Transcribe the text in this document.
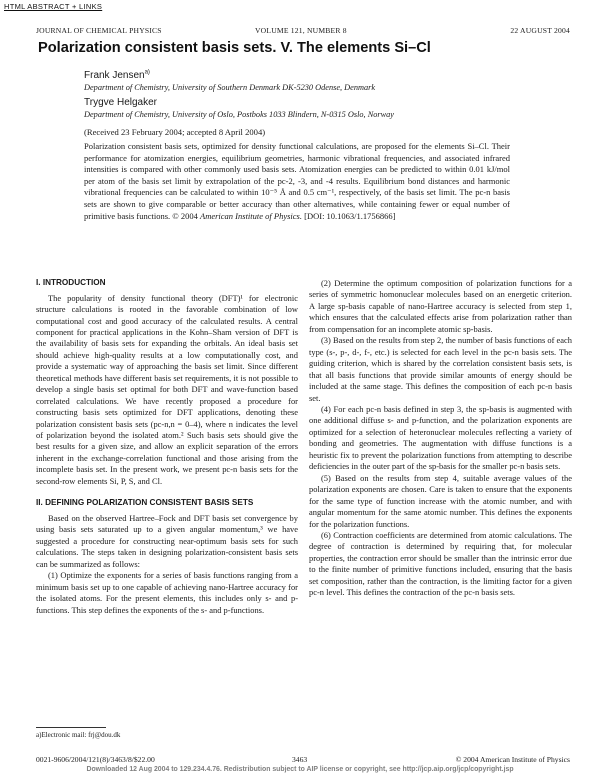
HTML ABSTRACT + LINKS
JOURNAL OF CHEMICAL PHYSICS	VOLUME 121, NUMBER 8	22 AUGUST 2004
Polarization consistent basis sets. V. The elements Si–Cl
Frank Jensen$^{a)}$
Department of Chemistry, University of Southern Denmark DK-5230 Odense, Denmark
Trygve Helgaker
Department of Chemistry, University of Oslo, Postboks 1033 Blindern, N-0315 Oslo, Norway
(Received 23 February 2004; accepted 8 April 2004)
Polarization consistent basis sets, optimized for density functional calculations, are proposed for the elements Si–Cl. Their performance for atomization energies, equilibrium geometries, harmonic vibrational frequencies, and associated infrared intensities is compared with other commonly used basis sets. Atomization energies can be predicted to within 0.01 kJ/mol per atom of the basis set limit by extrapolation of the pc-2, -3, and -4 results. Equilibrium bond distances and harmonic vibrational frequencies can be calculated to within 10⁻⁵ Å and 0.5 cm⁻¹, respectively, of the basis set limit. The pc-n basis sets are shown to give comparable or better accuracy than other alternatives, while containing fewer or equal number of primitive basis functions. © 2004 American Institute of Physics. [DOI: 10.1063/1.1756866]
I. INTRODUCTION

The popularity of density functional theory (DFT)¹ for electronic structure calculations is rooted in the favorable combination of low computational cost and good accuracy of the calculated results. A central component for practical applications in the Kohn–Sham version of DFT is the availability of basis sets for expanding the orbitals. An ideal basis set should achieve high-quality results at a low computationally cost, and provide a systematic way of approaching the basis set limit. Since different theoretical methods have different basis set requirements, it is not possible to develop a single basis set optimal for both DFT and wave-function based correlated calculations. We have recently proposed a procedure for constructing basis sets optimized for DFT applications, denoting these polarization consistent basis sets (pc-n,n = 0–4), where n indicates the level of polarization beyond the isolated atom.² Such basis sets should give the best results for a given size, and allow an explicit separation of the errors inherent in the exchange-correlation functional and those arising from the incomplete basis set. In the present work, we present pc-n basis sets for the second-row elements Si, P, S, and Cl.

II. DEFINING POLARIZATION CONSISTENT BASIS SETS

Based on the observed Hartree–Fock and DFT basis set convergence by using basis sets saturated up to a given angular momentum,³ we have suggested a procedure for constructing near-optimum basis sets for such calculations. The steps taken in designing polarization-consistent basis sets can be summarized as follows:

(1) Optimize the exponents for a series of basis functions ranging from a minimum basis set up to one capable of achieving nano-Hartree accuracy for the isolated atoms. For the present elements, this includes only s- and p-functions. This step defines the exponents of the s- and p-functions.

(2) Determine the optimum composition of polarization functions for a series of symmetric homonuclear molecules based on an energetic criterion. A large sp-basis capable of nano-Hartree accuracy is selected from step 1, which ensures that the calculated effects arise from polarization rather than from compensation for an incomplete atomic sp-basis.

(3) Based on the results from step 2, the number of basis functions of each type (s-, p-, d-, f-, etc.) is selected for each level in the pc-n basis sets. The guiding criterion, which is shared by the correlation consistent basis sets, is that all basis functions that provide similar amounts of energy should be included at the same stage. This defines the composition of each pc-n basis set.

(4) For each pc-n basis defined in step 3, the sp-basis is augmented with one additional diffuse s- and p-function, and the polarization exponents are optimized for a selection of heteronuclear molecules reflecting a variety of bonding and geometries. The augmentation with diffuse functions is a heuristic fix to prevent the polarization functions from attempting to describe deficiencies in the outer part of the sp-basis for the smaller pc-n basis sets.

(5) Based on the results from step 4, suitable average values of the polarization exponents are chosen. Care is taken to ensure that the exponents for the same type of function increase with the atomic number, and with angular momentum for the same atomic number. This defines the exponents for the polarization functions.

(6) Contraction coefficients are determined from atomic calculations. The degree of contraction is determined by requiring that, for molecular properties, the contraction error should be smaller than the intrinsic error due to the finite number of primitive functions included, ensuring that the basis set composition, rather than the contraction, is the limiting factor for a given pc-n level. This defines the contraction of the pc-n basis sets.

a)Electronic mail: frj@dou.dk
0021-9606/2004/121(8)/3463/8/$22.00	3463	© 2004 American Institute of Physics
Downloaded 12 Aug 2004 to 129.234.4.76. Redistribution subject to AIP license or copyright, see http://jcp.aip.org/jcp/copyright.jsp
